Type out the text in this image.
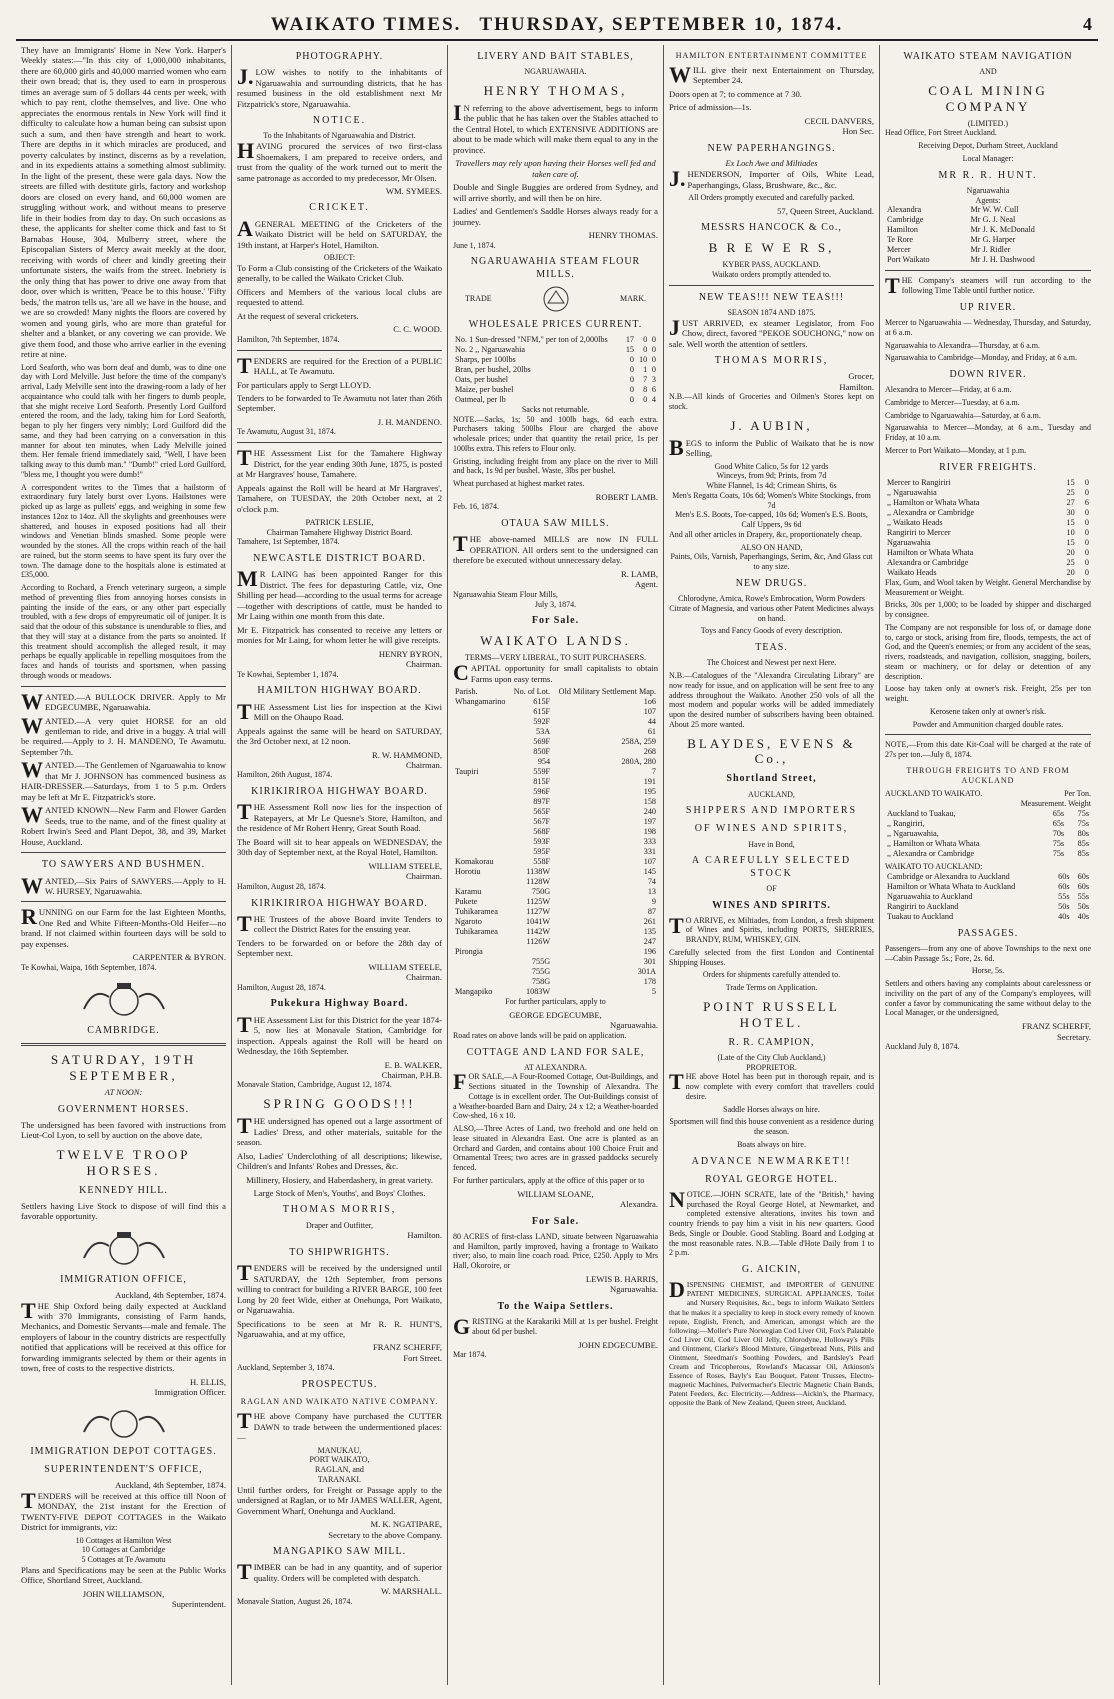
WAIKATO TIMES. THURSDAY, SEPTEMBER 10, 1874.	4

They have an Immigrants' Home in New York. Harper's Weekly states:—"In this city of 1,000,000 inhabitants, there are 60,000 girls and 40,000 married women who earn their own bread; that is, they used to earn in prosperous times an average sum of 5 dollars 44 cents per week, with which to pay rent, clothe themselves, and live. One who appreciates the enormous rentals in New York will find it difficulty to calculate how a human being can subsist upon such a sum, and then have strength and heart to work. There are depths in it which miracles are produced, and poverty calculates by instinct, discerns as by a revelation, and in its expedients attains a something almost sublimity. In the light of the present, these were gala days. Now the streets are filled with destitute girls, factory and workshop doors are closed on every hand, and 60,000 women are struggling without work, and without means to preserve life in their bodies from day to day. On such occasions as these, the applicants for shelter come thick and fast to St Barnabas House, 304, Mulberry street, where the Episcopalian Sisters of Mercy await meekly at the door, receiving with words of cheer and kindly greeting their unfortunate sisters, the waifs from the street. Inebriety is the only thing that has power to drive one away from that door, over which is written, 'Peace be to this house.' 'Fifty beds,' the matron tells us, 'are all we have in the house, and we are so crowded! Many nights the floors are covered by women and young girls, who are more than grateful for shelter and a blanket, or any covering we can provide. We give them food, and those who arrive earlier in the evening retire at nine.

Lord Seaforth, who was born deaf and dumb, was to dine one day with Lord Melville. Just before the time of the company's arrival, Lady Melville sent into the drawing-room a lady of her acquaintance who could talk with her fingers to dumb people, that she might receive Lord Seaforth. Presently Lord Guilford entered the room, and the lady, taking him for Lord Seaforth, began to ply her fingers very nimbly; Lord Guilford did the same, and they had been carrying on a conversation in this manner for about ten minutes, when Lady Melville joined them. Her female friend immediately said, "Well, I have been talking away to this dumb man." "Dumb!" cried Lord Guilford, "bless me, I thought you were dumb!"

A correspondent writes to the Times that a hailstorm of extraordinary fury lately burst over Lyons. Hailstones were picked up as large as pullets' eggs, and weighing in some few instances 12oz to 14oz. All the skylights and greenhouses were shattered, and houses in exposed positions had all their windows and Venetian blinds smashed. Some people were wounded by the stones. All the crops within reach of the hail are ruined, but the storm seems to have spent its fury over the town. The damage done to the hospitals alone is estimated at £35,000.

According to Rochard, a French veterinary surgeon, a simple method of preventing flies from annoying horses consists in painting the inside of the ears, or any other part especially troubled, with a few drops of empyreumatic oil of juniper. It is said that the odour of this substance is unendurable to flies, and that they will stay at a distance from the parts so anointed. If this treatment should accomplish the alleged result, it may perhaps be equally applicable in repelling mosquitoes from the faces and hands of tourists and sportsmen, when passing through woods or meadows.

WANTED.—A BULLOCK DRIVER. Apply to Mr EDGECUMBE, Ngaruawahia.

WANTED.—A very quiet HORSE for an old gentleman to ride, and drive in a buggy. A trial will be required.—Apply to J. H. MANDENO, Te Awamutu. September 7th.

WANTED.—The Gentlemen of Ngaruawahia to know that Mr J. JOHNSON has commenced business as HAIR-DRESSER.—Saturdays, from 1 to 5 p.m. Orders may be left at Mr E. Fitzpatrick's store.

WANTED KNOWN—New Farm and Flower Garden Seeds, true to the name, and of the finest quality at Robert Irwin's Seed and Plant Depot, 38, and 39, Market House, Auckland.

TO SAWYERS AND BUSHMEN.

WANTED,—Six Pairs of SAWYERS.—Apply to H. W. HURSEY, Ngaruawahia.

RUNNING on our Farm for the last Eighteen Months, One Red and White Fifteen-Months-Old Heifer—no brand. If not claimed within fourteen days will be sold to pay expenses.

CARPENTER & BYRON.
Te Kowhai, Waipa, 16th September, 1874.
CAMBRIDGE.
SATURDAY, 19TH SEPTEMBER,
AT NOON:
GOVERNMENT HORSES.

The undersigned has been favored with instructions from Lieut-Col Lyon, to sell by auction on the above date,

TWELVE TROOP HORSES.
KENNEDY HILL.

Settlers having Live Stock to dispose of will find this a favorable opportunity.

IMMIGRATION OFFICE,
Auckland, 4th September, 1874.

THE Ship Oxford being daily expected at Auckland with 370 Immigrants, consisting of Farm hands, Mechanics, and Domestic Servants—male and female. The employers of labour in the country districts are respectfully notified that applications will be received at this office for forwarding immigrants selected by them or their agents in town, free of costs to the respective districts.

H. ELLIS,
Immigration Officer.
IMMIGRATION DEPOT COTTAGES.
SUPERINTENDENT'S OFFICE,
Auckland, 4th September, 1874.

TENDERS will be received at this office till Noon of MONDAY, the 21st instant for the Erection of TWENTY-FIVE DEPOT COTTAGES in the Waikato District for immigrants, viz:

10 Cottages at Hamilton West
10 Cottages at Cambridge
5 Cottages at Te Awamutu

Plans and Specifications may be seen at the Public Works Office, Shortland Street, Auckland.

JOHN WILLIAMSON,
Superintendent.
PHOTOGRAPHY.

J.LOW wishes to notify to the inhabitants of Ngaruawahia and surrounding districts, that he has resumed business in the old establishment next Mr Fitzpatrick's store, Ngaruawahia.

NOTICE.
To the Inhabitants of Ngaruawahia and District.

HAVING procured the services of two first-class Shoemakers, I am prepared to receive orders, and trust from the quality of the work turned out to merit the same patronage as accorded to my predecessor, Mr Olsen.

WM. SYMEES.
CRICKET.

AGENERAL MEETING of the Cricketers of the Waikato District will be held on SATURDAY, the 19th instant, at Harper's Hotel, Hamilton.

OBJECT:

To Form a Club consisting of the Cricketers of the Waikato generally, to be called the Waikato Cricket Club.

Officers and Members of the various local clubs are requested to attend.

At the request of several cricketers.

C. C. WOOD.
Hamilton, 7th September, 1874.

TENDERS are required for the Erection of a PUBLIC HALL, at Te Awamutu.

For particulars apply to Sergt LLOYD.

Tenders to be forwarded to Te Awamutu not later than 26th September.

J. H. MANDENO.
Te Awamutu, August 31, 1874.

THE Assessment List for the Tamahere Highway District, for the year ending 30th June, 1875, is posted at Mr Hargraves' house, Tamahere.

Appeals against the Roll will be heard at Mr Hargraves', Tamahere, on TUESDAY, the 20th October next, at 2 o'clock p.m.

PATRICK LESLIE,
Chairman Tamahere Highway District Board.
Tamahere, 1st September, 1874.
NEWCASTLE DISTRICT BOARD.

MR LAING has been appointed Ranger for this District. The fees for depasturing Cattle, viz, One Shilling per head—according to the usual terms for acreage—together with descriptions of cattle, must be handed to Mr Laing within one month from this date.

Mr E. Fitzpatrick has consented to receive any letters or monies for Mr Laing, for whom letter he will give receipts.

HENRY BYRON,
Chairman.
Te Kowhai, September 1, 1874.
HAMILTON HIGHWAY BOARD.

THE Assessment List lies for inspection at the Kiwi Mill on the Ohaupo Road.

Appeals against the same will be heard on SATURDAY, the 3rd October next, at 12 noon.

R. W. HAMMOND,
Chairman.
Hamilton, 26th August, 1874.
KIRIKIRIROA HIGHWAY BOARD.

THE Assessment Roll now lies for the inspection of Ratepayers, at Mr Le Quesne's Store, Hamilton, and the residence of Mr Robert Henry, Great South Road.

The Board will sit to hear appeals on WEDNESDAY, the 30th day of September next, at the Royal Hotel, Hamilton.

WILLIAM STEELE,
Chairman.
Hamilton, August 28, 1874.
KIRIKIRIROA HIGHWAY BOARD.

THE Trustees of the above Board invite Tenders to collect the District Rates for the ensuing year.

Tenders to be forwarded on or before the 28th day of September next.

WILLIAM STEELE,
Chairman.
Hamilton, August 28, 1874.
Pukekura Highway Board.

THE Assessment List for this District for the year 1874-5, now lies at Monavale Station, Cambridge for inspection. Appeals against the Roll will be heard on Wednesday, the 16th September.

E. B. WALKER,
Chairman, P.H.B.
Monavale Station, Cambridge, August 12, 1874.
SPRING GOODS!!!

THE undersigned has opened out a large assortment of Ladies' Dress, and other materials, suitable for the season.

Also, Ladies' Underclothing of all descriptions; likewise, Children's and Infants' Robes and Dresses, &c.

Millinery, Hosiery, and Haberdashery, in great variety.

Large Stock of Men's, Youths', and Boys' Clothes.

THOMAS MORRIS,
Draper and Outfitter,
Hamilton.
TO SHIPWRIGHTS.

TENDERS will be received by the undersigned until SATURDAY, the 12th September, from persons willing to contract for building a RIVER BARGE, 100 feet Long by 20 feet Wide, either at Onehunga, Port Waikato, or Ngaruawahia.

Specifications to be seen at Mr R. R. HUNT'S, Ngaruawahia, and at my office,

FRANZ SCHERFF,
Fort Street.
Auckland, September 3, 1874.
PROSPECTUS.
RAGLAN AND WAIKATO NATIVE COMPANY.

THE above Company have purchased the CUTTER DAWN to trade between the undermentioned places:—

MANUKAU,
PORT WAIKATO,
RAGLAN, and
TARANAKI.

Until further orders, for Freight or Passage apply to the undersigned at Raglan, or to Mr JAMES WALLER, Agent, Government Wharf, Onehunga and Auckland.

M. K. NGATIPARE,
Secretary to the above Company.
MANGAPIKO SAW MILL.

TIMBER can be had in any quantity, and of superior quality. Orders will be completed with despatch.

W. MARSHALL.
Monavale Station, August 26, 1874.
LIVERY AND BAIT STABLES,
NGARUAWAHIA.
HENRY THOMAS,

IN referring to the above advertisement, begs to inform the public that he has taken over the Stables attached to the Central Hotel, to which EXTENSIVE ADDITIONS are about to be made which will make them equal to any in the province.

Travellers may rely upon having their Horses well fed and taken care of.

Double and Single Buggies are ordered from Sydney, and will arrive shortly, and will then be on hire.

Ladies' and Gentlemen's Saddle Horses always ready for a journey.

HENRY THOMAS.
June 1, 1874.
NGARUAWAHIA STEAM FLOUR MILLS.
TRADE	MARK.
WHOLESALE PRICES CURRENT.
No. 1 Sun-dressed "NFM," per ton of 2,000lbs	17	0	0
No. 2 ,, Ngaruawahia	15	0	0
Sharps, per 100lbs	0	10	0
Bran, per bushel, 20lbs	0	1	0
Oats, per bushel	0	7	3
Maize, per bushel	0	8	6
Oatmeal, per lb	0	0	4
Sacks not returnable.

NOTE.—Sacks, 1s; 50 and 100lb bags, 6d each extra. Purchasers taking 500lbs Flour are charged the above wholesale prices; under that quantity the retail price, 1s per 100lbs extra. This refers to Flour only.

Gristing, including freight from any place on the river to Mill and back, 1s 9d per bushel. Waste, 3lbs per bushel.

Wheat purchased at highest market rates.

ROBERT LAMB.
Feb. 16, 1874.
OTAUA SAW MILLS.

THE above-named MILLS are now IN FULL OPERATION. All orders sent to the undersigned can therefore be executed without unnecessary delay.

R. LAMB,
Agent.
Ngaruawahia Steam Flour Mills,
July 3, 1874.
For Sale.
WAIKATO LANDS.
TERMS—VERY LIBERAL, TO SUIT PURCHASERS.

CAPITAL opportunity for small capitalists to obtain Farms upon easy terms.

Parish.	No. of Lot.	Old Military Settlement Map.
Whangamarino	615F	1o6
	615F	107
	592F	44
	53A	61
	569F	258A, 259
	850F	268
	954	280A, 280
Taupiri	559F	7
	815F	191
	596F	195
	897F	158
	565F	240
	567F	197
	568F	198
	593F	333
	595F	331
Komakorau	558F	107
Horotiu	1138W	145
	1128W	74
Karamu	750G	13
Pukete	1125W	9
Tuhikaramea	1127W	87
Ngaroto	1041W	261
Tuhikaramea	1142W	135
	1126W	247
Pirongia		196
	755G	301
	755G	301A
	758G	178
Mangapiko	1083W	5

For further particulars, apply to

GEORGE EDGECUMBE,
Ngaruawahia.

Road rates on above lands will be paid on application.

COTTAGE AND LAND FOR SALE,
AT ALEXANDRA.

FOR SALE,—A Four-Roomed Cottage, Out-Buildings, and Sections situated in the Township of Alexandra. The Cottage is in excellent order. The Out-Buildings consist of a Weather-boarded Barn and Dairy, 24 x 12; a Weather-boarded Cow-shed, 16 x 10.

ALSO,—Three Acres of Land, two freehold and one held on lease situated in Alexandra East. One acre is planted as an Orchard and Garden, and contains about 100 Choice Fruit and Ornamental Trees; two acres are in grassed paddocks securely fenced.

For further particulars, apply at the office of this paper or to

WILLIAM SLOANE,
Alexandra.
For Sale.

80 ACRES of first-class LAND, situate between Ngaruawahia and Hamilton, partly improved, having a frontage to Waikato river; also, to main line coach road. Price, £250. Apply to Mrs Hall, Okoroire, or

LEWIS B. HARRIS,
Ngaruawahia.
To the Waipa Settlers.

GRISTING at the Karakariki Mill at 1s per bushel. Freight about 6d per bushel.

JOHN EDGECUMBE.
Mar 1874.
HAMILTON ENTERTAINMENT COMMITTEE

WILL give their next Entertainment on Thursday, September 24.

Doors open at 7; to commence at 7 30.

Price of admission—1s.

CECIL DANVERS,
Hon Sec.
NEW PAPERHANGINGS.
Ex Loch Awe and Miltiades

J.HENDERSON, Importer of Oils, White Lead, Paperhangings, Glass, Brushware, &c., &c.

All Orders promptly executed and carefully packed.

57, Queen Street, Auckland.
MESSRS HANCOCK & Co.,
B R E W E R S,
KYBER PASS, AUCKLAND.
Waikato orders promptly attended to.
NEW TEAS!!! NEW TEAS!!!
SEASON 1874 AND 1875.

JUST ARRIVED, ex steamer Legislator, from Foo Chow, direct, favored "PEKOE SOUCHONG," now on sale. Well worth the attention of settlers.

THOMAS MORRIS,
Grocer,
Hamilton.

N.B.—All kinds of Groceries and Oilmen's Stores kept on stock.

J. AUBIN,

BEGS to inform the Public of Waikato that he is now Selling,

Good White Calico, 5s for 12 yards
Winceys, from 9d; Prints, from 7d
White Flannel, 1s 4d; Crimean Shirts, 6s
Men's Regatta Coats, 10s 6d; Women's White Stockings, from 7d
Men's E.S. Boots, Toe-capped, 10s 6d; Women's E.S. Boots, Calf Uppers, 9s 6d

And all other articles in Drapery, &c, proportionately cheap.

ALSO ON HAND,

Paints, Oils, Varnish, Paperhangings, Serim, &c, And Glass cut to any size.

NEW DRUGS.

Chlorodyne, Arnica, Rowe's Embrocation, Worm Powders Citrate of Magnesia, and various other Patent Medicines always on hand.

Toys and Fancy Goods of every description.

TEAS.

The Choicest and Newest per next Here.

N.B.—Catalogues of the "Alexandra Circulating Library" are now ready for issue, and on application will be sent free to any address throughout the Waikato. Another 250 vols of all the most modern and popular works will be added immediately upon the desired number of subscribers having been obtained. About 25 more wanted.

BLAYDES, EVENS & Co.,
Shortland Street,
AUCKLAND,
SHIPPERS AND IMPORTERS
OF WINES AND SPIRITS,
Have in Bond,
A CAREFULLY SELECTED STOCK
OF
WINES AND SPIRITS.

TO ARRIVE, ex Miltiades, from London, a fresh shipment of Wines and Spirits, including PORTS, SHERRIES, BRANDY, RUM, WHISKEY, GIN.

Carefully selected from the first London and Continental Shipping Houses.

Orders for shipments carefully attended to.

Trade Terms on Application.

POINT RUSSELL HOTEL.
R. R. CAMPION,
(Late of the City Club Auckland,)
PROPRIETOR.

THE above Hotel has been put in thorough repair, and is now complete with every comfort that travellers could desire.

Saddle Horses always on hire.

Sportsmen will find this house convenient as a residence during the season.

Boats always on hire.

ADVANCE NEWMARKET!!
ROYAL GEORGE HOTEL.

NOTICE.—JOHN SCRATE, late of the "British," having purchased the Royal George Hotel, at Newmarket, and completed extensive alterations, invites his town and country friends to pay him a visit in his new quarters. Good Beds, Single or Double. Good Stabling. Board and Lodging at the most reasonable rates. N.B.—Table d'Hote Daily from 1 to 2 p.m.

G. AICKIN,

DISPENSING CHEMIST, and IMPORTER of GENUINE PATENT MEDICINES, SURGICAL APPLIANCES, Toilet and Nursery Requisites, &c., begs to inform Waikato Settlers that he makes it a speciality to keep in stock every remedy of known repute, English, French, and American, amongst which are the following:—Moller's Pure Norwegian Cod Liver Oil, Fox's Palatable Cod Liver Oil, Cod Liver Oil Jelly, Chlorodyne, Holloway's Pills and Ointment, Clarke's Blood Mixture, Gingerbread Nuts, Pills and Ointment, Steedman's Soothing Powders, and Bardsley's Pearl Cream and Tricopherous, Rowland's Macassar Oil, Atkinson's Essence of Roses, Bayly's Eau Bouquet, Patent Trusses, Electro-magnetic Machines, Pulvermacher's Electric Magnetic Chain Bands, Patent Feeders, &c. Electricity.—Address—Aickin's, the Pharmacy, opposite the Bank of New Zealand, Queen street, Auckland.

WAIKATO STEAM NAVIGATION
AND
COAL MINING COMPANY
(LIMITED.)

Head Office, Fort Street Auckland.

Receiving Depot, Durham Street, Auckland

Local Manager:
MR R. R. HUNT.
Ngaruawahia
Agents:
Alexandra	Mr W. W. Cull
Cambridge	Mr G. J. Neal
Hamilton	Mr J. K. McDonald
Te Rore	Mr G. Harper
Mercer	Mr J. Ridler
Port Waikato	Mr J. H. Dashwood

THE Company's steamers will run according to the following Time Table until further notice.

UP RIVER.

Mercer to Ngaruawahia — Wednesday, Thursday, and Saturday, at 6 a.m.

Ngaruawahia to Alexandra—Thursday, at 6 a.m.

Ngaruawahia to Cambridge—Monday, and Friday, at 6 a.m.

DOWN RIVER.

Alexandra to Mercer—Friday, at 6 a.m.

Cambridge to Mercer—Tuesday, at 6 a.m.

Cambridge to Ngaruawahia—Saturday, at 6 a.m.

Ngaruawahia to Mercer—Monday, at 6 a.m., Tuesday and Friday, at 10 a.m.

Mercer to Port Waikato—Monday, at 1 p.m.

RIVER FREIGHTS.
Mercer to Rangiriri	15	0
,, Ngaruawahia	25	0
,, Hamilton or Whata Whata	27	6
,, Alexandra or Cambridge	30	0
,, Waikato Heads	15	0
Rangiriri to Mercer	10	0
Ngaruawahia	15	0
Hamilton or Whata Whata	20	0
Alexandra or Cambridge	25	0
Waikato Heads	20	0

Flax, Gum, and Wool taken by Weight. General Merchandise by Measurement or Weight.

Bricks, 30s per 1,000; to be loaded by shipper and discharged by consignee.

The Company are not responsible for loss of, or damage done to, cargo or stock, arising from fire, floods, tempests, the act of God, and the Queen's enemies; or from any accident of the seas, rivers, roadsteads, and navigation, collision, snagging, boilers, steam or machinery, or for delay or detention of any description.

Loose hay taken only at owner's risk. Freight, 25s per ton weight.

Kerosene taken only at owner's risk.

Powder and Ammunition charged double rates.

NOTE,—From this date Kit-Coal will be charged at the rate of 27s per ton.—July 8, 1874.

THROUGH FREIGHTS TO AND FROM AUCKLAND
AUCKLAND TO WAIKATO.	Per Ton.
Measurement. Weight
Auckland to Tuakau,	65s	75s
,, Rangiriri,	65s	75s
,, Ngaruawahia,	70s	80s
,, Hamilton or Whata Whata	75s	85s
,, Alexandra or Cambridge	75s	85s
WAIKATO TO AUCKLAND:
Cambridge or Alexandra to Auckland	60s	60s
Hamilton or Whata Whata to Auckland	60s	60s
Ngaruawahia to Auckland	55s	55s
Rangiriri to Auckland	50s	50s
Tuakau to Auckland	40s	40s
PASSAGES.

Passengers—from any one of above Townships to the next one—Cabin Passage 5s.; Fore, 2s. 6d.

Horse, 5s.

Settlers and others having any complaints about carelessness or incivility on the part of any of the Company's employees, will confer a favor by communicating the same without delay to the Local Manager, or the undersigned,

FRANZ SCHERFF,
Secretary.
Auckland July 8, 1874.
